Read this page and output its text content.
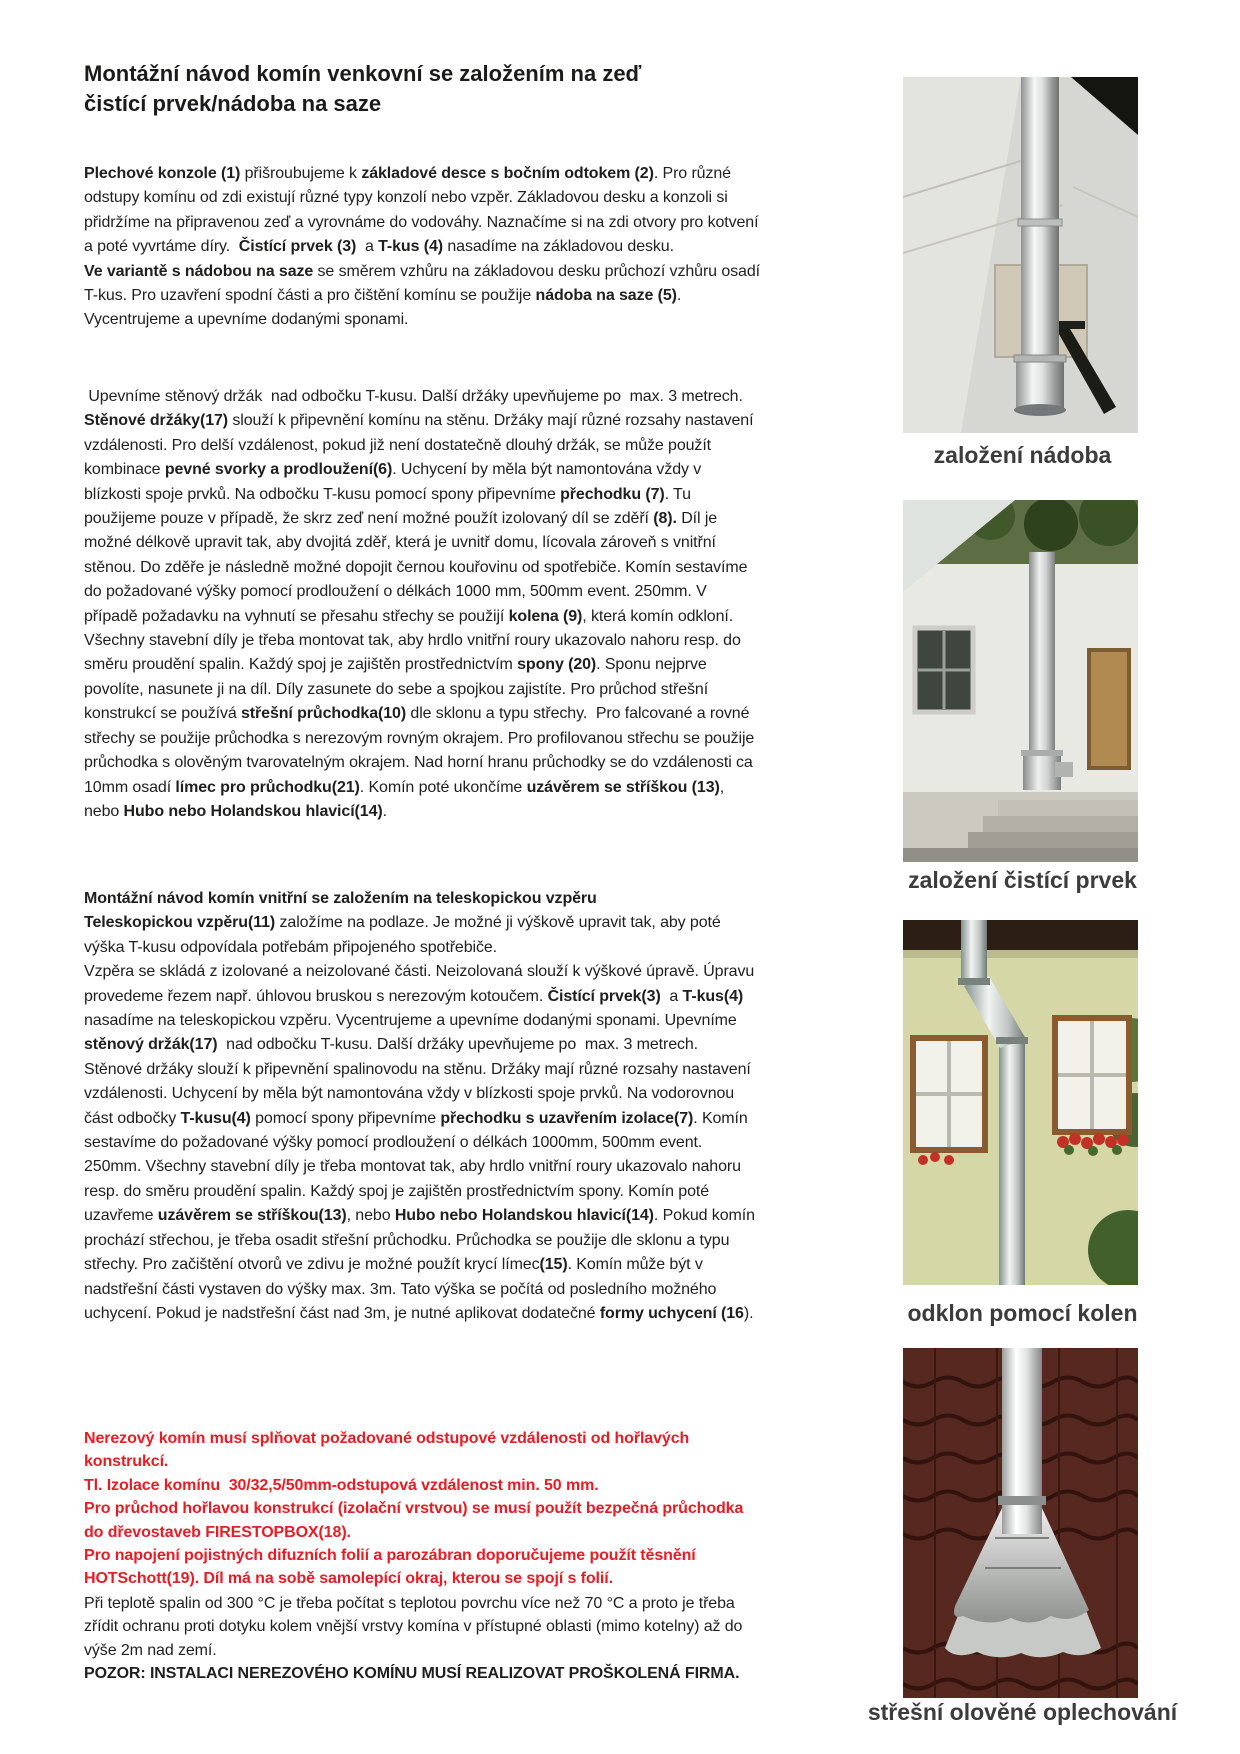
Montážní návod komín venkovní se založením na zeď
čistící prvek/nádoba na saze

Plechové konzole (1) přišroubujeme k základové desce s bočním odtokem (2). Pro různé odstupy komínu od zdi existují různé typy konzolí nebo vzpěr. Základovou desku a konzoli si přidržíme na připravenou zeď a vyrovnáme do vodováhy. Naznačíme si na zdi otvory pro kotvení a poté vyvrtáme díry.  Čistící prvek (3)  a T-kus (4) nasadíme na základovou desku.
Ve variantě s nádobou na saze se směrem vzhůru na základovou desku průchozí vzhůru osadí T-kus. Pro uzavření spodní části a pro čištění komínu se použije nádoba na saze (5).  Vycentrujeme a upevníme dodanými sponami.

Upevníme stěnový držák  nad odbočku T-kusu. Další držáky upevňujeme po  max. 3 metrech. Stěnové držáky(17) slouží k připevnění komínu na stěnu. Držáky mají různé rozsahy nastavení vzdálenosti. Pro delší vzdálenost, pokud již není dostatečně dlouhý držák, se může použít kombinace pevné svorky a prodloužení(6). Uchycení by měla být namontována vždy v blízkosti spoje prvků. Na odbočku T-kusu pomocí spony připevníme přechodku (7). Tu použijeme pouze v případě, že skrz zeď není možné použít izolovaný díl se zděří (8). Díl je možné délkově upravit tak, aby dvojitá zděř, která je uvnitř domu, lícovala zároveň s vnitřní stěnou. Do zděře je následně možné dopojit černou kouřovinu od spotřebiče. Komín sestavíme do požadované výšky pomocí prodloužení o délkách 1000 mm, 500mm event. 250mm. V případě požadavku na vyhnutí se přesahu střechy se použijí kolena (9), která komín odkloní. Všechny stavební díly je třeba montovat tak, aby hrdlo vnitřní roury ukazovalo nahoru resp. do směru proudění spalin. Každý spoj je zajištěn prostřednictvím spony (20). Sponu nejprve povolíte, nasunete ji na díl. Díly zasunete do sebe a spojkou zajistíte. Pro průchod střešní konstrukcí se používá střešní průchodka(10) dle sklonu a typu střechy.  Pro falcované a rovné střechy se použije průchodka s nerezovým rovným okrajem. Pro profilovanou střechu se použije průchodka s olověným tvarovatelným okrajem. Nad horní hranu průchodky se do vzdálenosti ca 10mm osadí límec pro průchodku(21). Komín poté ukončíme uzávěrem se stříškou (13), nebo Hubo nebo Holandskou hlavicí(14).

Montážní návod komín vnitřní se založením na teleskopickou vzpěru
Teleskopickou vzpěru(11) založíme na podlaze. Je možné ji výškově upravit tak, aby poté výška T-kusu odpovídala potřebám připojeného spotřebiče.
Vzpěra se skládá z izolované a neizolované části. Neizolovaná slouží k výškové úpravě. Úpravu provedeme řezem např. úhlovou bruskou s nerezovým kotoučem. Čistící prvek(3)  a T-kus(4)  nasadíme na teleskopickou vzpěru. Vycentrujeme a upevníme dodanými sponami. Upevníme stěnový držák(17)  nad odbočku T-kusu. Další držáky upevňujeme po  max. 3 metrech. Stěnové držáky slouží k připevnění spalinovodu na stěnu. Držáky mají různé rozsahy nastavení vzdálenosti. Uchycení by měla být namontována vždy v blízkosti spoje prvků. Na vodorovnou část odbočky T-kusu(4) pomocí spony připevníme přechodku s uzavřením izolace(7). Komín sestavíme do požadované výšky pomocí prodloužení o délkách 1000mm, 500mm event. 250mm. Všechny stavební díly je třeba montovat tak, aby hrdlo vnitřní roury ukazovalo nahoru resp. do směru proudění spalin. Každý spoj je zajištěn prostřednictvím spony. Komín poté uzavřeme uzávěrem se stříškou(13), nebo Hubo nebo Holandskou hlavicí(14). Pokud komín prochází střechou, je třeba osadit střešní průchodku. Průchodka se použije dle sklonu a typu střechy. Pro začištění otvorů ve zdivu je možné použít krycí límec(15). Komín může být v nadstřešní části vystaven do výšky max. 3m. Tato výška se počítá od posledního možného uchycení. Pokud je nadstřešní část nad 3m, je nutné aplikovat dodatečné formy uchycení (16).

Nerezový komín musí splňovat požadované odstupové vzdálenosti od hořlavých konstrukcí.
Tl. Izolace komínu  30/32,5/50mm-odstupová vzdálenost min. 50 mm.
Pro průchod hořlavou konstrukcí (izolační vrstvou) se musí použít bezpečná průchodka do dřevostaveb FIRESTOPBOX(18).
Pro napojení pojistných difuzních folií a parozábran doporučujeme použít těsnění HOTSchott(19). Díl má na sobě samolepící okraj, kterou se spojí s folií.

Při teplotě spalin od 300 °C je třeba počítat s teplotou povrchu více než 70 °C a proto je třeba zřídit ochranu proti dotyku kolem vnější vrstvy komína v přístupné oblasti (mimo kotelny) až do výše 2m nad zemí.
POZOR: INSTALACI NEREZOVÉHO KOMÍNU MUSÍ REALIZOVAT PROŠKOLENÁ FIRMA.

založení nádoba
založení čistící prvek
odklon pomocí kolen
střešní olověné oplechování
